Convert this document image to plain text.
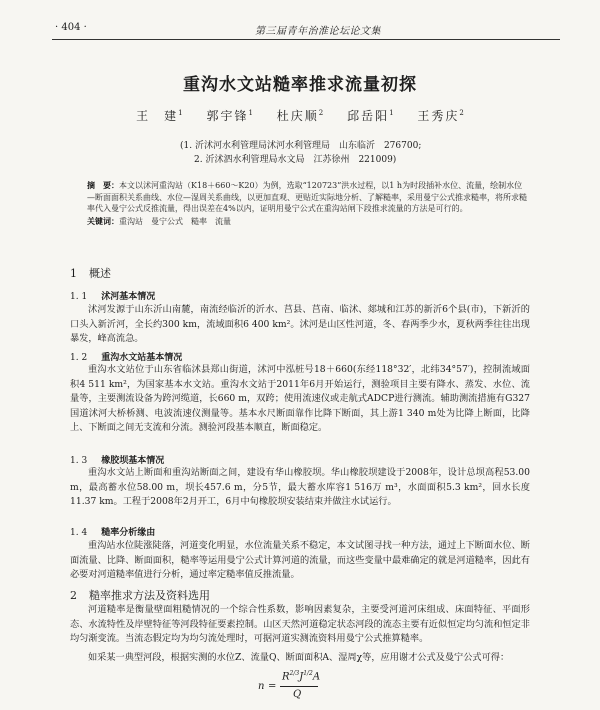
· 404 ·	第三届青年治淮论坛论文集
重沟水文站糙率推求流量初探
王　建$^1$ 郭宇锋$^1$ 杜庆顺$^2$ 邱岳阳$^1$ 王秀庆$^2$
(1. 沂沭河水利管理局沭河水利管理局　山东临沂　276700;
2. 沂沭泗水利管理局水文局　江苏徐州　221009)
摘　要：本文以沭河重沟站（K18＋660～K20）为例，选取“120723”洪水过程，以1 h为时段插补水位、流量，绘制水位—断面面积关系曲线、水位—湿周关系曲线，以更加直观、更贴近实际地分析、了解糙率，采用曼宁公式推求糙率，将所求糙率代入曼宁公式反推流量，得出误差在4%以内，证明用曼宁公式在重沟站闸下段推求流量的方法是可行的。
关键词：重沟站　曼宁公式　糙率　流量
1 概述
1. 1 沭河基本情况
沭河发源于山东沂山南麓，南流经临沂的沂水、莒县、莒南、临沭、郯城和江苏的新沂6个县(市)，下新沂的口头入新沂河，全长约300 km，流域面积6 400 km²。沭河是山区性河道，冬、春两季少水，夏秋两季往往出现暴发，峰高流急。
1. 2 重沟水文站基本情况
重沟水文站位于山东省临沭县郑山街道，沭河中泓桩号18＋660(东经118°32′，北纬34°57′)，控制流域面积4 511 km²，为国家基本水文站。重沟水文站于2011年6月开始运行，测验项目主要有降水、蒸发、水位、流量等，主要测流设备为跨河缆道，长660 m，双跨；使用流速仪或走航式ADCP进行测流。辅助测流措施有G327国道沭河大桥桥测、电波流速仪测量等。基本水尺断面靠作比降下断面，其上游1 340 m处为比降上断面，比降上、下断面之间无支流和分流。测验河段基本顺直，断面稳定。
1. 3 橡胶坝基本情况
重沟水文站上断面和重沟站断面之间，建设有华山橡胶坝。华山橡胶坝建设于2008年，设计总坝高程53.00 m，最高蓄水位58.00 m，坝长457.6 m，分5节，最大蓄水库容1 516万 m³，水面面积5.3 km²，回水长度11.37 km。工程于2008年2月开工，6月中旬橡胶坝安装结束并做注水试运行。
1. 4 糙率分析缘由
重沟站水位陡涨陡落，河道变化明显，水位流量关系不稳定，本文试图寻找一种方法，通过上下断面水位、断面流量、比降、断面面积，糙率等运用曼宁公式计算河道的流量，而这些变量中最难确定的就是河道糙率，因此有必要对河道糙率值进行分析，通过率定糙率值反推流量。
2 糙率推求方法及资料选用
河道糙率是衡量壁面粗糙情况的一个综合性系数，影响因素复杂，主要受河道河床组成、床面特征、平面形态、水流特性及岸壁特征等河段特征要素控制。山区天然河道稳定状态河段的流态主要有近似恒定均匀流和恒定非均匀渐变流。当流态假定均为均匀流处理时，可据河道实测流资料用曼宁公式推算糙率。
如采某一典型河段，根据实测的水位Z、流量Q、断面面积A、湿周χ等，应用谢才公式及曼宁公式可得：
n =
$R^{2/3}J^{1/2}A$
Q
